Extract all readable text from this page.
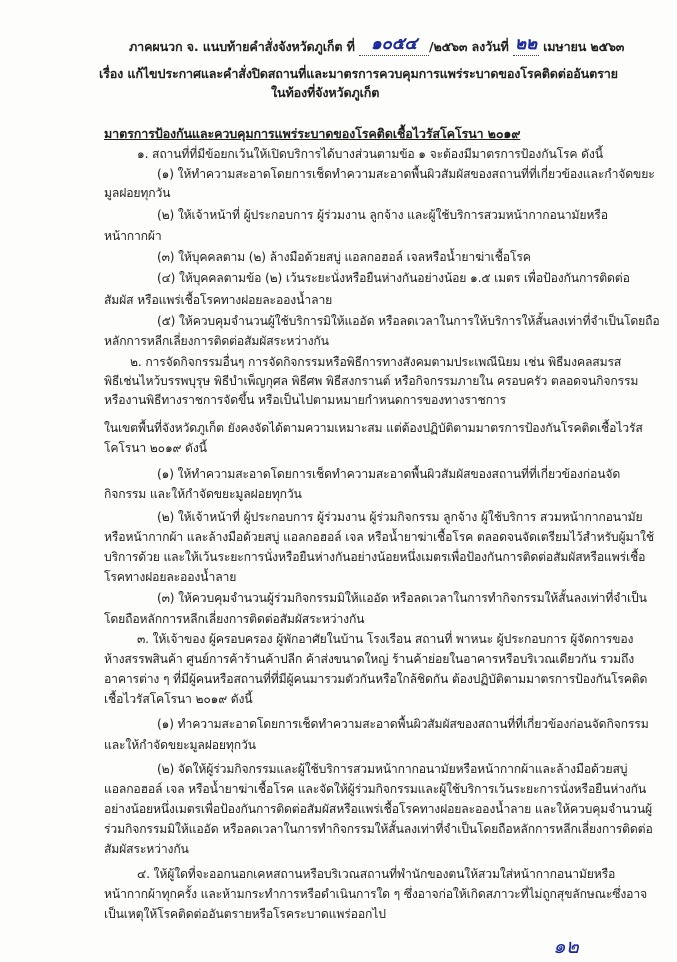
ภาคผนวก จ. แนบท้ายคำสั่งจังหวัดภูเก็ต ที่ ๑๐๕๔ /๒๕๖๓ ลงวันที่ ๒๒ เมษายน ๒๕๖๓
เรื่อง แก้ไขประกาศและคำสั่งปิดสถานที่และมาตรการควบคุมการแพร่ระบาดของโรคติดต่ออันตราย
ในท้องที่จังหวัดภูเก็ต
มาตรการป้องกันและควบคุมการแพร่ระบาดของโรคติดเชื้อไวรัสโคโรนา ๒๐๑๙
๑. สถานที่ที่มีข้อยกเว้นให้เปิดบริการได้บางส่วนตามข้อ ๑ จะต้องมีมาตรการป้องกันโรค ดังนี้
(๑) ให้ทำความสะอาดโดยการเช็ดทำความสะอาดพื้นผิวสัมผัสของสถานที่ที่เกี่ยวข้องและกำจัดขยะ
มูลฝอยทุกวัน
(๒) ให้เจ้าหน้าที่ ผู้ประกอบการ ผู้ร่วมงาน ลูกจ้าง และผู้ใช้บริการสวมหน้ากากอนามัยหรือ
หน้ากากผ้า
(๓) ให้บุคคลตาม (๒) ล้างมือด้วยสบู่ แอลกอฮอล์ เจลหรือน้ำยาฆ่าเชื้อโรค
(๔) ให้บุคคลตามข้อ (๒) เว้นระยะนั่งหรือยืนห่างกันอย่างน้อย ๑.๕ เมตร เพื่อป้องกันการติดต่อ
สัมผัส หรือแพร่เชื้อโรคทางฝอยละอองน้ำลาย
(๕) ให้ควบคุมจำนวนผู้ใช้บริการมิให้แออัด หรือลดเวลาในการให้บริการให้สั้นลงเท่าที่จำเป็นโดยถือ
หลักการหลีกเลี่ยงการติดต่อสัมผัสระหว่างกัน
๒. การจัดกิจกรรมอื่นๆ การจัดกิจกรรมหรือพิธีการทางสังคมตามประเพณีนิยม เช่น พิธีมงคลสมรส
พิธีเช่นไหว้บรรพบุรุษ พิธีบำเพ็ญกุศล พิธีศพ พิธีสงกรานต์ หรือกิจกรรมภายใน ครอบครัว ตลอดจนกิจกรรม
หรืองานพิธีทางราชการจัดขึ้น หรือเป็นไปตามหมายกำหนดการของทางราชการ
ในเขตพื้นที่จังหวัดภูเก็ต ยังคงจัดได้ตามความเหมาะสม แต่ต้องปฏิบัติตามมาตรการป้องกันโรคติดเชื้อไวรัส
โคโรนา ๒๐๑๙ ดังนี้
(๑) ให้ทำความสะอาดโดยการเช็ดทำความสะอาดพื้นผิวสัมผัสของสถานที่ที่เกี่ยวข้องก่อนจัด
กิจกรรม และให้กำจัดขยะมูลฝอยทุกวัน
(๒) ให้เจ้าหน้าที่ ผู้ประกอบการ ผู้ร่วมงาน ผู้ร่วมกิจกรรม ลูกจ้าง ผู้ใช้บริการ สวมหน้ากากอนามัย
หรือหน้ากากผ้า และล้างมือด้วยสบู่ แอลกอฮอล์ เจล หรือน้ำยาฆ่าเชื้อโรค ตลอดจนจัดเตรียมไว้สำหรับผู้มาใช้
บริการด้วย และให้เว้นระยะการนั่งหรือยืนห่างกันอย่างน้อยหนึ่งเมตรเพื่อป้องกันการติดต่อสัมผัสหรือแพร่เชื้อ
โรคทางฝอยละอองน้ำลาย
(๓) ให้ควบคุมจำนวนผู้ร่วมกิจกรรมมิให้แออัด หรือลดเวลาในการทำกิจกรรมให้สั้นลงเท่าที่จำเป็น
โดยถือหลักการหลีกเลี่ยงการติดต่อสัมผัสระหว่างกัน
๓. ให้เจ้าของ ผู้ครอบครอง ผู้พักอาศัยในบ้าน โรงเรือน สถานที่ พาหนะ ผู้ประกอบการ ผู้จัดการของ
ห้างสรรพสินค้า ศูนย์การค้าร้านค้าปลีก ค้าส่งขนาดใหญ่ ร้านค้าย่อยในอาคารหรือบริเวณเดียวกัน รวมถึง
อาคารต่าง ๆ ที่มีผู้คนหรือสถานที่ที่มีผู้คนมารวมตัวกันหรือใกล้ชิดกัน ต้องปฏิบัติตามมาตรการป้องกันโรคติด
เชื้อไวรัสโคโรนา ๒๐๑๙ ดังนี้
(๑) ทำความสะอาดโดยการเช็ดทำความสะอาดพื้นผิวสัมผัสของสถานที่ที่เกี่ยวข้องก่อนจัดกิจกรรม
และให้กำจัดขยะมูลฝอยทุกวัน
(๒) จัดให้ผู้ร่วมกิจกรรมและผู้ใช้บริการสวมหน้ากากอนามัยหรือหน้ากากผ้าและล้างมือด้วยสบู่
แอลกอฮอล์ เจล หรือน้ำยาฆ่าเชื้อโรค และจัดให้ผู้ร่วมกิจกรรมและผู้ใช้บริการเว้นระยะการนั่งหรือยืนห่างกัน
อย่างน้อยหนึ่งเมตรเพื่อป้องกันการติดต่อสัมผัสหรือแพร่เชื้อโรคทางฝอยละอองน้ำลาย และให้ควบคุมจำนวนผู้
ร่วมกิจกรรมมิให้แออัด หรือลดเวลาในการทำกิจกรรมให้สั้นลงเท่าที่จำเป็นโดยถือหลักการหลีกเลี่ยงการติดต่อ
สัมผัสระหว่างกัน
๔. ให้ผู้ใดที่จะออกนอกเคหสถานหรือบริเวณสถานที่พำนักของตนให้สวมใส่หน้ากากอนามัยหรือ
หน้ากากผ้าทุกครั้ง และห้ามกระทำการหรือดำเนินการใด ๆ ซึ่งอาจก่อให้เกิดสภาวะที่ไม่ถูกสุขลักษณะซึ่งอาจ
เป็นเหตุให้โรคติดต่ออันตรายหรือโรคระบาดแพร่ออกไป
๑๒
